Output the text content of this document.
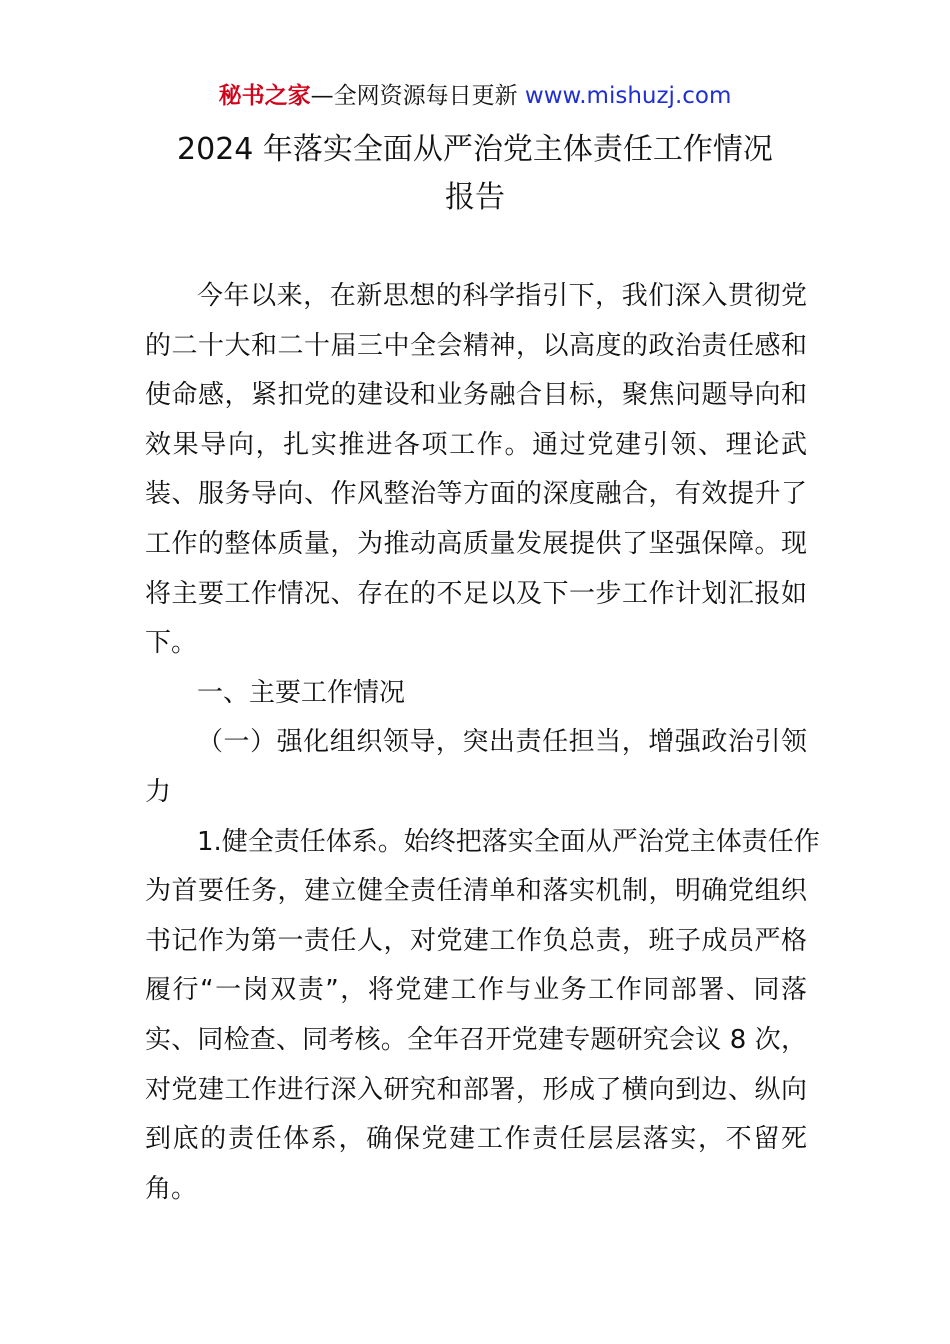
秘书之家—全网资源每日更新 www.mishuzj.com
2024 年落实全面从严治党主体责任工作情况
报告
今年以来，在新思想的科学指引下，我们深入贯彻党
的二十大和二十届三中全会精神，以高度的政治责任感和
使命感，紧扣党的建设和业务融合目标，聚焦问题导向和
效果导向，扎实推进各项工作。通过党建引领、理论武
装、服务导向、作风整治等方面的深度融合，有效提升了
工作的整体质量，为推动高质量发展提供了坚强保障。现
将主要工作情况、存在的不足以及下一步工作计划汇报如
下。
一、主要工作情况
（一）强化组织领导，突出责任担当，增强政治引领
力
1.健全责任体系。始终把落实全面从严治党主体责任作
为首要任务，建立健全责任清单和落实机制，明确党组织
书记作为第一责任人，对党建工作负总责，班子成员严格
履行“一岗双责”，将党建工作与业务工作同部署、同落
实、同检查、同考核。全年召开党建专题研究会议 8 次，
对党建工作进行深入研究和部署，形成了横向到边、纵向
到底的责任体系，确保党建工作责任层层落实，不留死
角。
